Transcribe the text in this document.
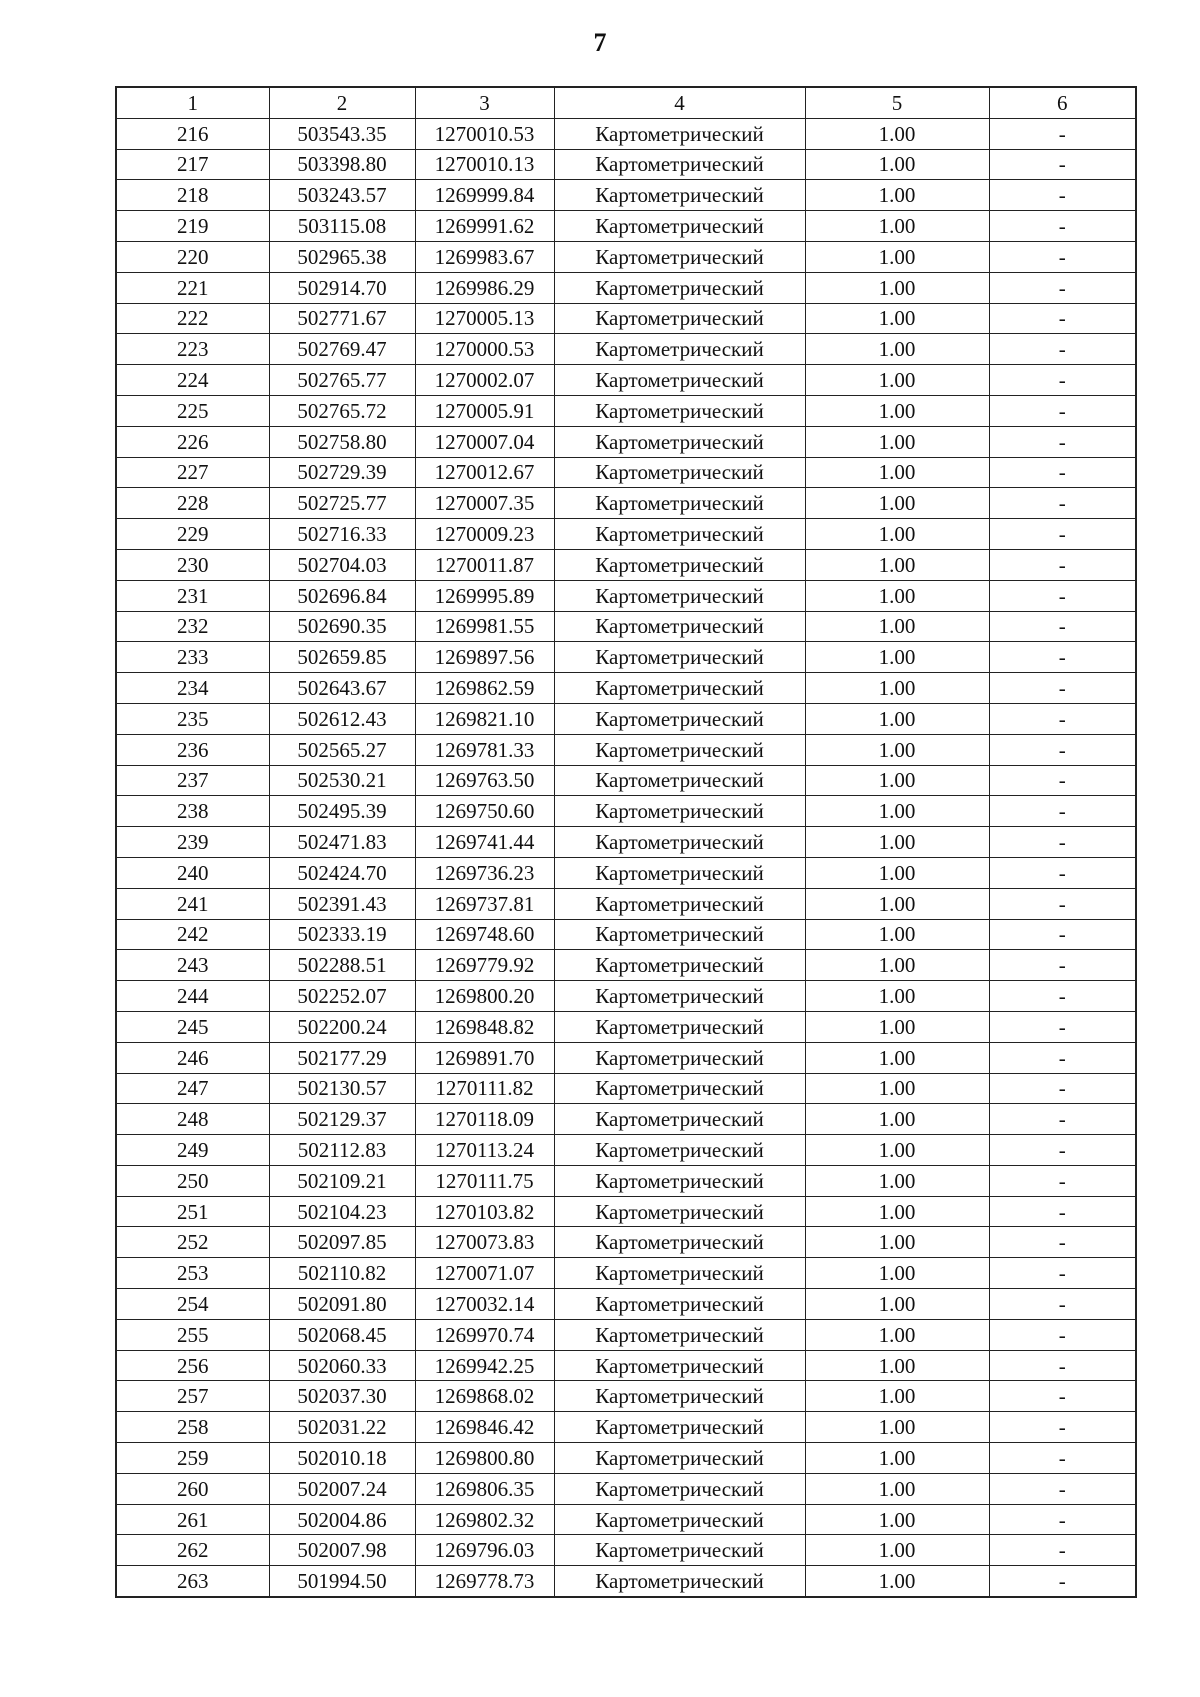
7
1	2	3	4	5	6
216	503543.35	1270010.53	Картометрический	1.00	-
217	503398.80	1270010.13	Картометрический	1.00	-
218	503243.57	1269999.84	Картометрический	1.00	-
219	503115.08	1269991.62	Картометрический	1.00	-
220	502965.38	1269983.67	Картометрический	1.00	-
221	502914.70	1269986.29	Картометрический	1.00	-
222	502771.67	1270005.13	Картометрический	1.00	-
223	502769.47	1270000.53	Картометрический	1.00	-
224	502765.77	1270002.07	Картометрический	1.00	-
225	502765.72	1270005.91	Картометрический	1.00	-
226	502758.80	1270007.04	Картометрический	1.00	-
227	502729.39	1270012.67	Картометрический	1.00	-
228	502725.77	1270007.35	Картометрический	1.00	-
229	502716.33	1270009.23	Картометрический	1.00	-
230	502704.03	1270011.87	Картометрический	1.00	-
231	502696.84	1269995.89	Картометрический	1.00	-
232	502690.35	1269981.55	Картометрический	1.00	-
233	502659.85	1269897.56	Картометрический	1.00	-
234	502643.67	1269862.59	Картометрический	1.00	-
235	502612.43	1269821.10	Картометрический	1.00	-
236	502565.27	1269781.33	Картометрический	1.00	-
237	502530.21	1269763.50	Картометрический	1.00	-
238	502495.39	1269750.60	Картометрический	1.00	-
239	502471.83	1269741.44	Картометрический	1.00	-
240	502424.70	1269736.23	Картометрический	1.00	-
241	502391.43	1269737.81	Картометрический	1.00	-
242	502333.19	1269748.60	Картометрический	1.00	-
243	502288.51	1269779.92	Картометрический	1.00	-
244	502252.07	1269800.20	Картометрический	1.00	-
245	502200.24	1269848.82	Картометрический	1.00	-
246	502177.29	1269891.70	Картометрический	1.00	-
247	502130.57	1270111.82	Картометрический	1.00	-
248	502129.37	1270118.09	Картометрический	1.00	-
249	502112.83	1270113.24	Картометрический	1.00	-
250	502109.21	1270111.75	Картометрический	1.00	-
251	502104.23	1270103.82	Картометрический	1.00	-
252	502097.85	1270073.83	Картометрический	1.00	-
253	502110.82	1270071.07	Картометрический	1.00	-
254	502091.80	1270032.14	Картометрический	1.00	-
255	502068.45	1269970.74	Картометрический	1.00	-
256	502060.33	1269942.25	Картометрический	1.00	-
257	502037.30	1269868.02	Картометрический	1.00	-
258	502031.22	1269846.42	Картометрический	1.00	-
259	502010.18	1269800.80	Картометрический	1.00	-
260	502007.24	1269806.35	Картометрический	1.00	-
261	502004.86	1269802.32	Картометрический	1.00	-
262	502007.98	1269796.03	Картометрический	1.00	-
263	501994.50	1269778.73	Картометрический	1.00	-
